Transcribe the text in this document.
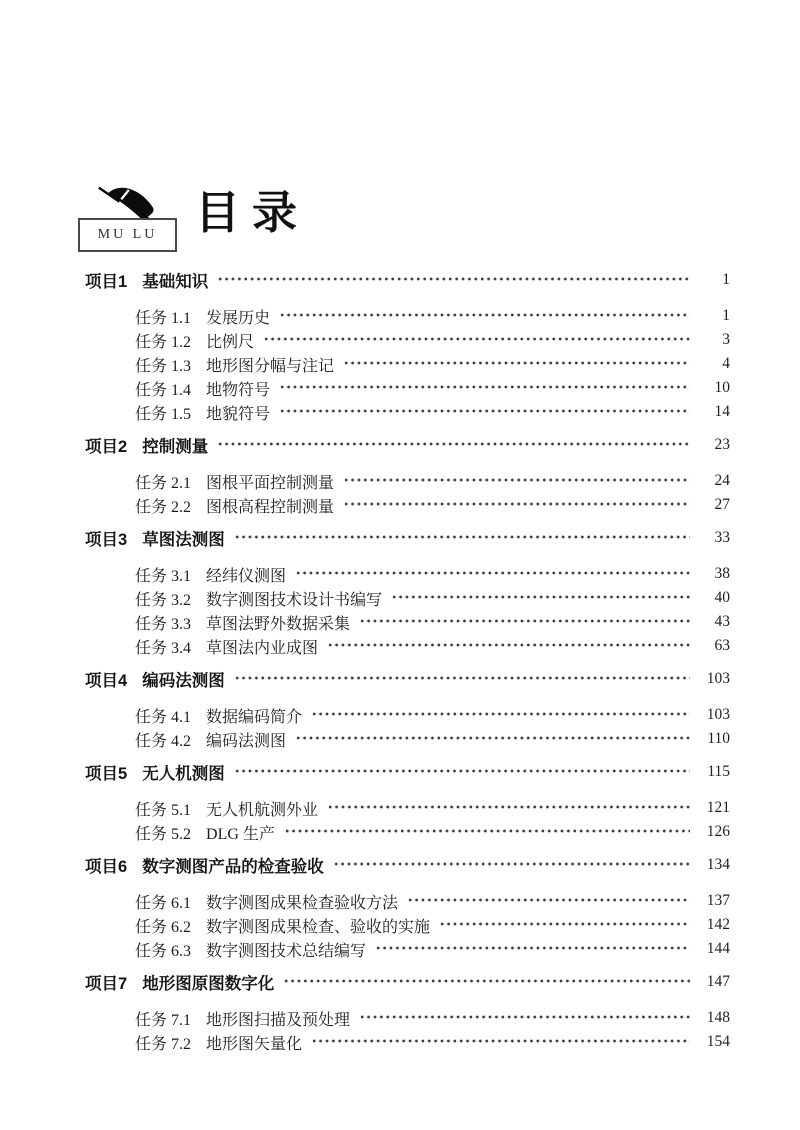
MU LU 目录
项目1 基础知识	1
任务 1.1 发展历史	1
任务 1.2 比例尺	3
任务 1.3 地形图分幅与注记	4
任务 1.4 地物符号	10
任务 1.5 地貌符号	14
项目2 控制测量	23
任务 2.1 图根平面控制测量	24
任务 2.2 图根高程控制测量	27
项目3 草图法测图	33
任务 3.1 经纬仪测图	38
任务 3.2 数字测图技术设计书编写	40
任务 3.3 草图法野外数据采集	43
任务 3.4 草图法内业成图	63
项目4 编码法测图	103
任务 4.1 数据编码简介	103
任务 4.2 编码法测图	110
项目5 无人机测图	115
任务 5.1 无人机航测外业	121
任务 5.2 DLG 生产	126
项目6 数字测图产品的检查验收	134
任务 6.1 数字测图成果检查验收方法	137
任务 6.2 数字测图成果检查、验收的实施	142
任务 6.3 数字测图技术总结编写	144
项目7 地形图原图数字化	147
任务 7.1 地形图扫描及预处理	148
任务 7.2 地形图矢量化	154
